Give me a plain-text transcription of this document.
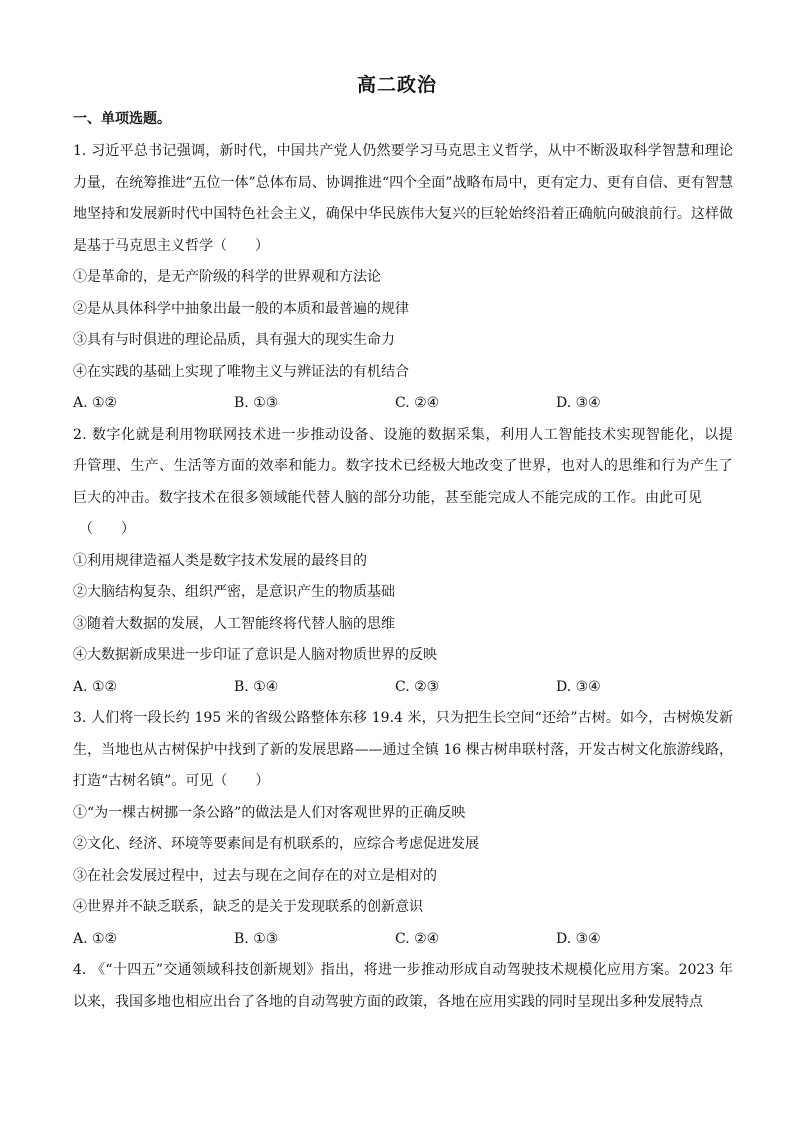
高二政治
一、单项选题。

1. 习近平总书记强调，新时代，中国共产党人仍然要学习马克思主义哲学，从中不断汲取科学智慧和理论力量，在统筹推进“五位一体”总体布局、协调推进“四个全面”战略布局中，更有定力、更有自信、更有智慧地坚持和发展新时代中国特色社会主义，确保中华民族伟大复兴的巨轮始终沿着正确航向破浪前行。这样做是基于马克思主义哲学（　　）

①是革命的，是无产阶级的科学的世界观和方法论

②是从具体科学中抽象出最一般的本质和最普遍的规律

③具有与时俱进的理论品质，具有强大的现实生命力

④在实践的基础上实现了唯物主义与辨证法的有机结合

A. ①②	B. ①③	C. ②④	D. ③④

2. 数字化就是利用物联网技术进一步推动设备、设施的数据采集，利用人工智能技术实现智能化，以提升管理、生产、生活等方面的效率和能力。数字技术已经极大地改变了世界，也对人的思维和行为产生了巨大的冲击。数字技术在很多领域能代替人脑的部分功能，甚至能完成人不能完成的工作。由此可见

（　　）

①利用规律造福人类是数字技术发展的最终目的

②大脑结构复杂、组织严密，是意识产生的物质基础

③随着大数据的发展，人工智能终将代替人脑的思维

④大数据新成果进一步印证了意识是人脑对物质世界的反映

A. ①②	B. ①④	C. ②③	D. ③④

3. 人们将一段长约 195 米的省级公路整体东移 19.4 米，只为把生长空间“还给”古树。如今，古树焕发新生，当地也从古树保护中找到了新的发展思路——通过全镇 16 棵古树串联村落，开发古树文化旅游线路，打造“古树名镇”。可见（　　）

①“为一棵古树挪一条公路”的做法是人们对客观世界的正确反映

②文化、经济、环境等要素间是有机联系的，应综合考虑促进发展

③在社会发展过程中，过去与现在之间存在的对立是相对的

④世界并不缺乏联系，缺乏的是关于发现联系的创新意识

A. ①②	B. ①③	C. ②④	D. ③④

4. 《“十四五”交通领域科技创新规划》指出，将进一步推动形成自动驾驶技术规模化应用方案。2023 年以来，我国多地也相应出台了各地的自动驾驶方面的政策，各地在应用实践的同时呈现出多种发展特点
